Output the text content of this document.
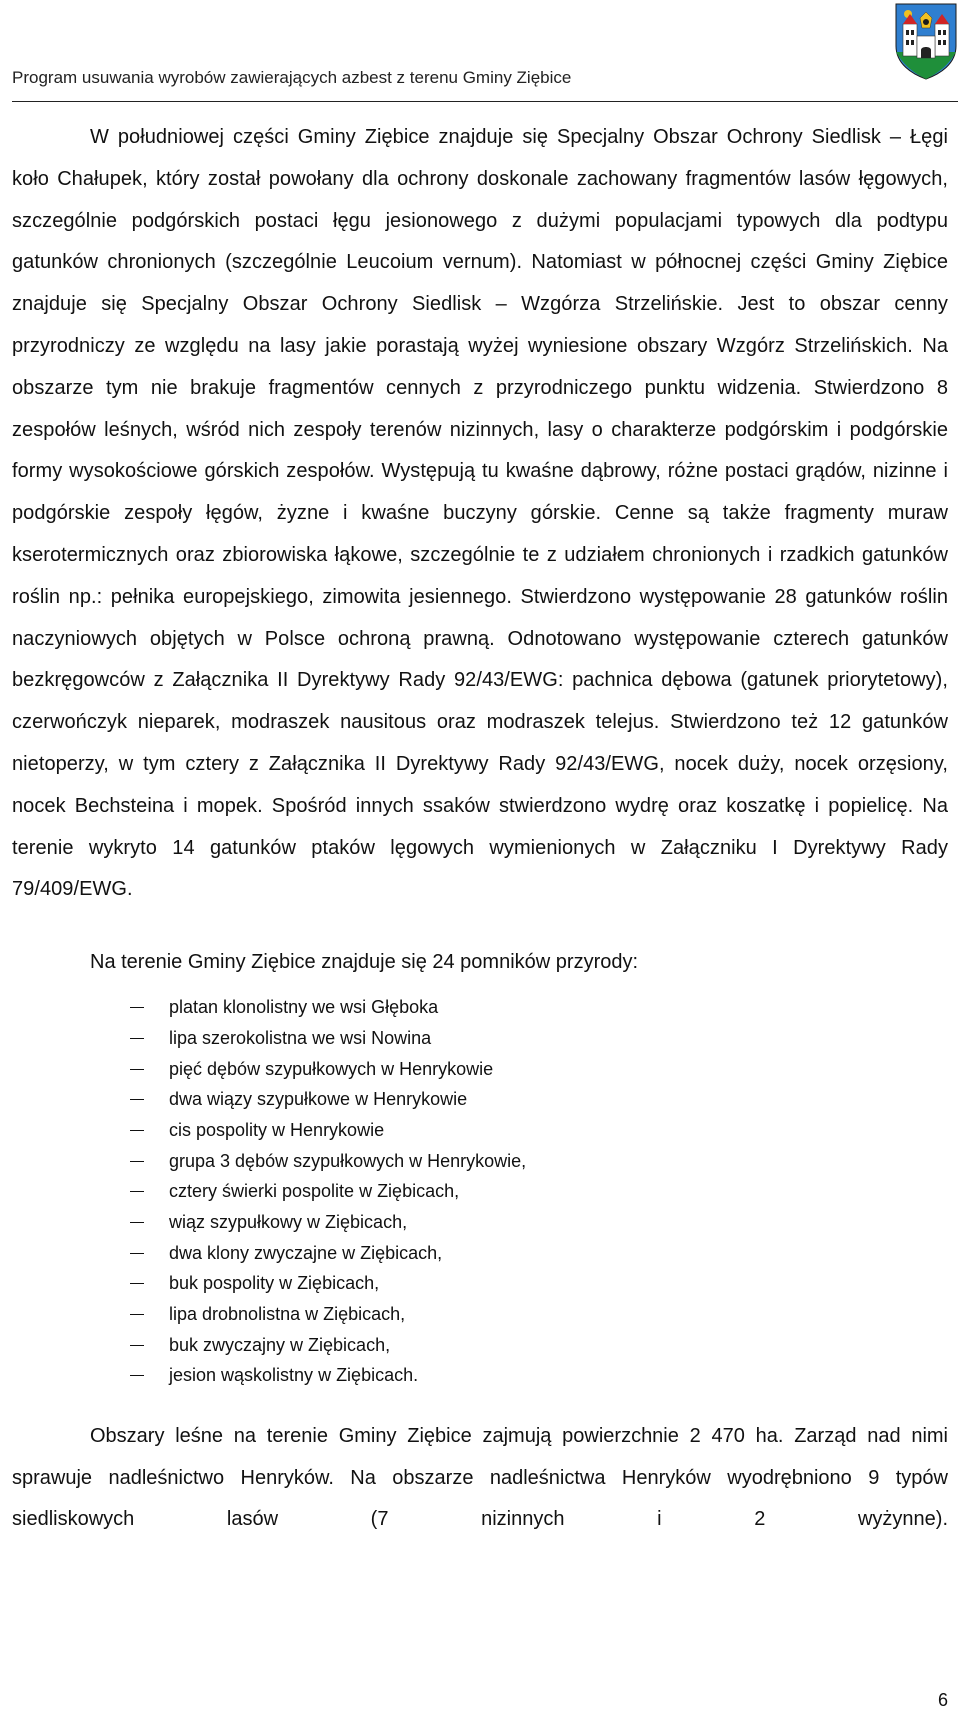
Program usuwania wyrobów zawierających azbest z terenu Gminy Ziębice

W południowej części Gminy Ziębice znajduje się Specjalny Obszar Ochrony Siedlisk – Łęgi koło Chałupek, który został powołany dla ochrony doskonale zachowany fragmentów lasów łęgowych, szczególnie podgórskich postaci łęgu jesionowego z dużymi populacjami typowych dla podtypu gatunków chronionych (szczególnie Leucoium vernum). Natomiast w północnej części Gminy Ziębice znajduje się Specjalny Obszar Ochrony Siedlisk – Wzgórza Strzelińskie. Jest to obszar cenny przyrodniczy ze względu na lasy jakie porastają wyżej wyniesione obszary Wzgórz Strzelińskich. Na obszarze tym nie brakuje fragmentów cennych z przyrodniczego punktu widzenia. Stwierdzono 8 zespołów leśnych, wśród nich zespoły terenów nizinnych, lasy o charakterze podgórskim i podgórskie formy wysokościowe górskich zespołów. Występują tu kwaśne dąbrowy, różne postaci grądów, nizinne i podgórskie zespoły łęgów, żyzne i kwaśne buczyny górskie. Cenne są także fragmenty muraw kserotermicznych oraz zbiorowiska łąkowe, szczególnie te z udziałem chronionych i rzadkich gatunków roślin np.: pełnika europejskiego, zimowita jesiennego. Stwierdzono występowanie 28 gatunków roślin naczyniowych objętych w Polsce ochroną prawną. Odnotowano występowanie czterech gatunków bezkręgowców z Załącznika II Dyrektywy Rady 92/43/EWG: pachnica dębowa (gatunek priorytetowy), czerwończyk nieparek, modraszek nausitous oraz modraszek telejus. Stwierdzono też 12 gatunków nietoperzy, w tym cztery z Załącznika II Dyrektywy Rady 92/43/EWG, nocek duży, nocek orzęsiony, nocek Bechsteina i mopek. Spośród innych ssaków stwierdzono wydrę oraz koszatkę i popielicę. Na terenie wykryto 14 gatunków ptaków lęgowych wymienionych w Załączniku I Dyrektywy Rady 79/409/EWG.

Na terenie Gminy Ziębice znajduje się 24 pomników przyrody:

platan klonolistny we wsi Głęboka
lipa szerokolistna we wsi Nowina
pięć dębów szypułkowych w Henrykowie
dwa wiązy szypułkowe w Henrykowie
cis pospolity w Henrykowie
grupa 3 dębów szypułkowych w Henrykowie,
cztery świerki pospolite w Ziębicach,
wiąz szypułkowy w Ziębicach,
dwa klony zwyczajne w Ziębicach,
buk pospolity w Ziębicach,
lipa drobnolistna w Ziębicach,
buk zwyczajny w Ziębicach,
jesion wąskolistny w Ziębicach.

Obszary leśne na terenie Gminy Ziębice zajmują powierzchnie 2 470 ha. Zarząd nad nimi sprawuje nadleśnictwo Henryków. Na obszarze nadleśnictwa Henryków wyodrębniono 9 typów siedliskowych lasów (7 nizinnych i 2 wyżynne).

6
